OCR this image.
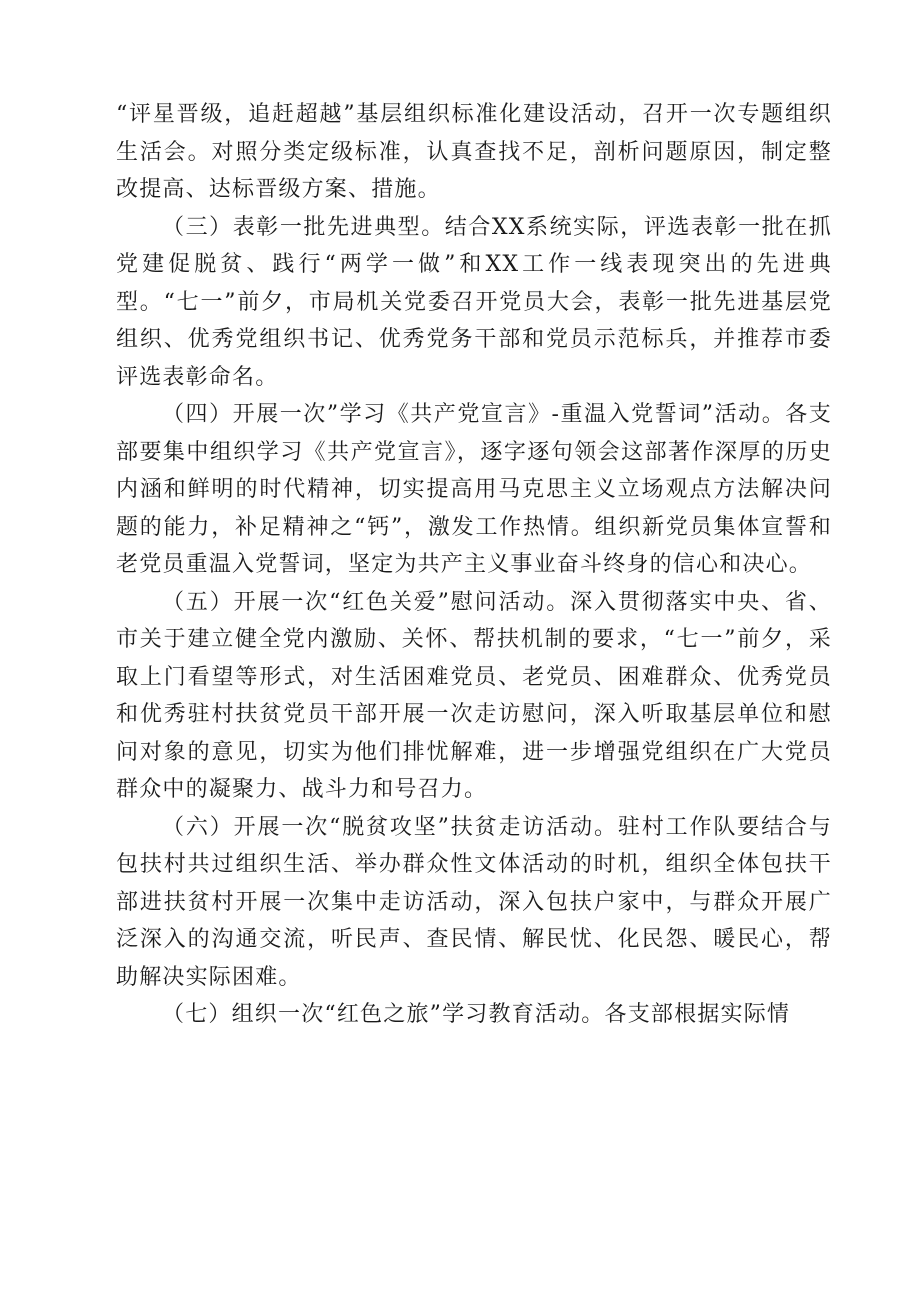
“评星晋级，追赶超越”基层组织标准化建设活动，召开一次专题组织生活会。对照分类定级标准，认真查找不足，剖析问题原因，制定整改提高、达标晋级方案、措施。

（三）表彰一批先进典型。结合XX系统实际，评选表彰一批在抓党建促脱贫、践行“两学一做”和XX工作一线表现突出的先进典型。“七一”前夕，市局机关党委召开党员大会，表彰一批先进基层党组织、优秀党组织书记、优秀党务干部和党员示范标兵，并推荐市委评选表彰命名。

（四）开展一次”学习《共产党宣言》-重温入党誓词”活动。各支部要集中组织学习《共产党宣言》，逐字逐句领会这部著作深厚的历史内涵和鲜明的时代精神，切实提高用马克思主义立场观点方法解决问题的能力，补足精神之“钙”，激发工作热情。组织新党员集体宣誓和老党员重温入党誓词，坚定为共产主义事业奋斗终身的信心和决心。

（五）开展一次“红色关爱”慰问活动。深入贯彻落实中央、省、市关于建立健全党内激励、关怀、帮扶机制的要求，“七一”前夕，采取上门看望等形式，对生活困难党员、老党员、困难群众、优秀党员和优秀驻村扶贫党员干部开展一次走访慰问，深入听取基层单位和慰问对象的意见，切实为他们排忧解难，进一步增强党组织在广大党员群众中的凝聚力、战斗力和号召力。

（六）开展一次“脱贫攻坚”扶贫走访活动。驻村工作队要结合与包扶村共过组织生活、举办群众性文体活动的时机，组织全体包扶干部进扶贫村开展一次集中走访活动，深入包扶户家中，与群众开展广泛深入的沟通交流，听民声、查民情、解民忧、化民怨、暖民心，帮助解决实际困难。

（七）组织一次“红色之旅”学习教育活动。各支部根据实际情
